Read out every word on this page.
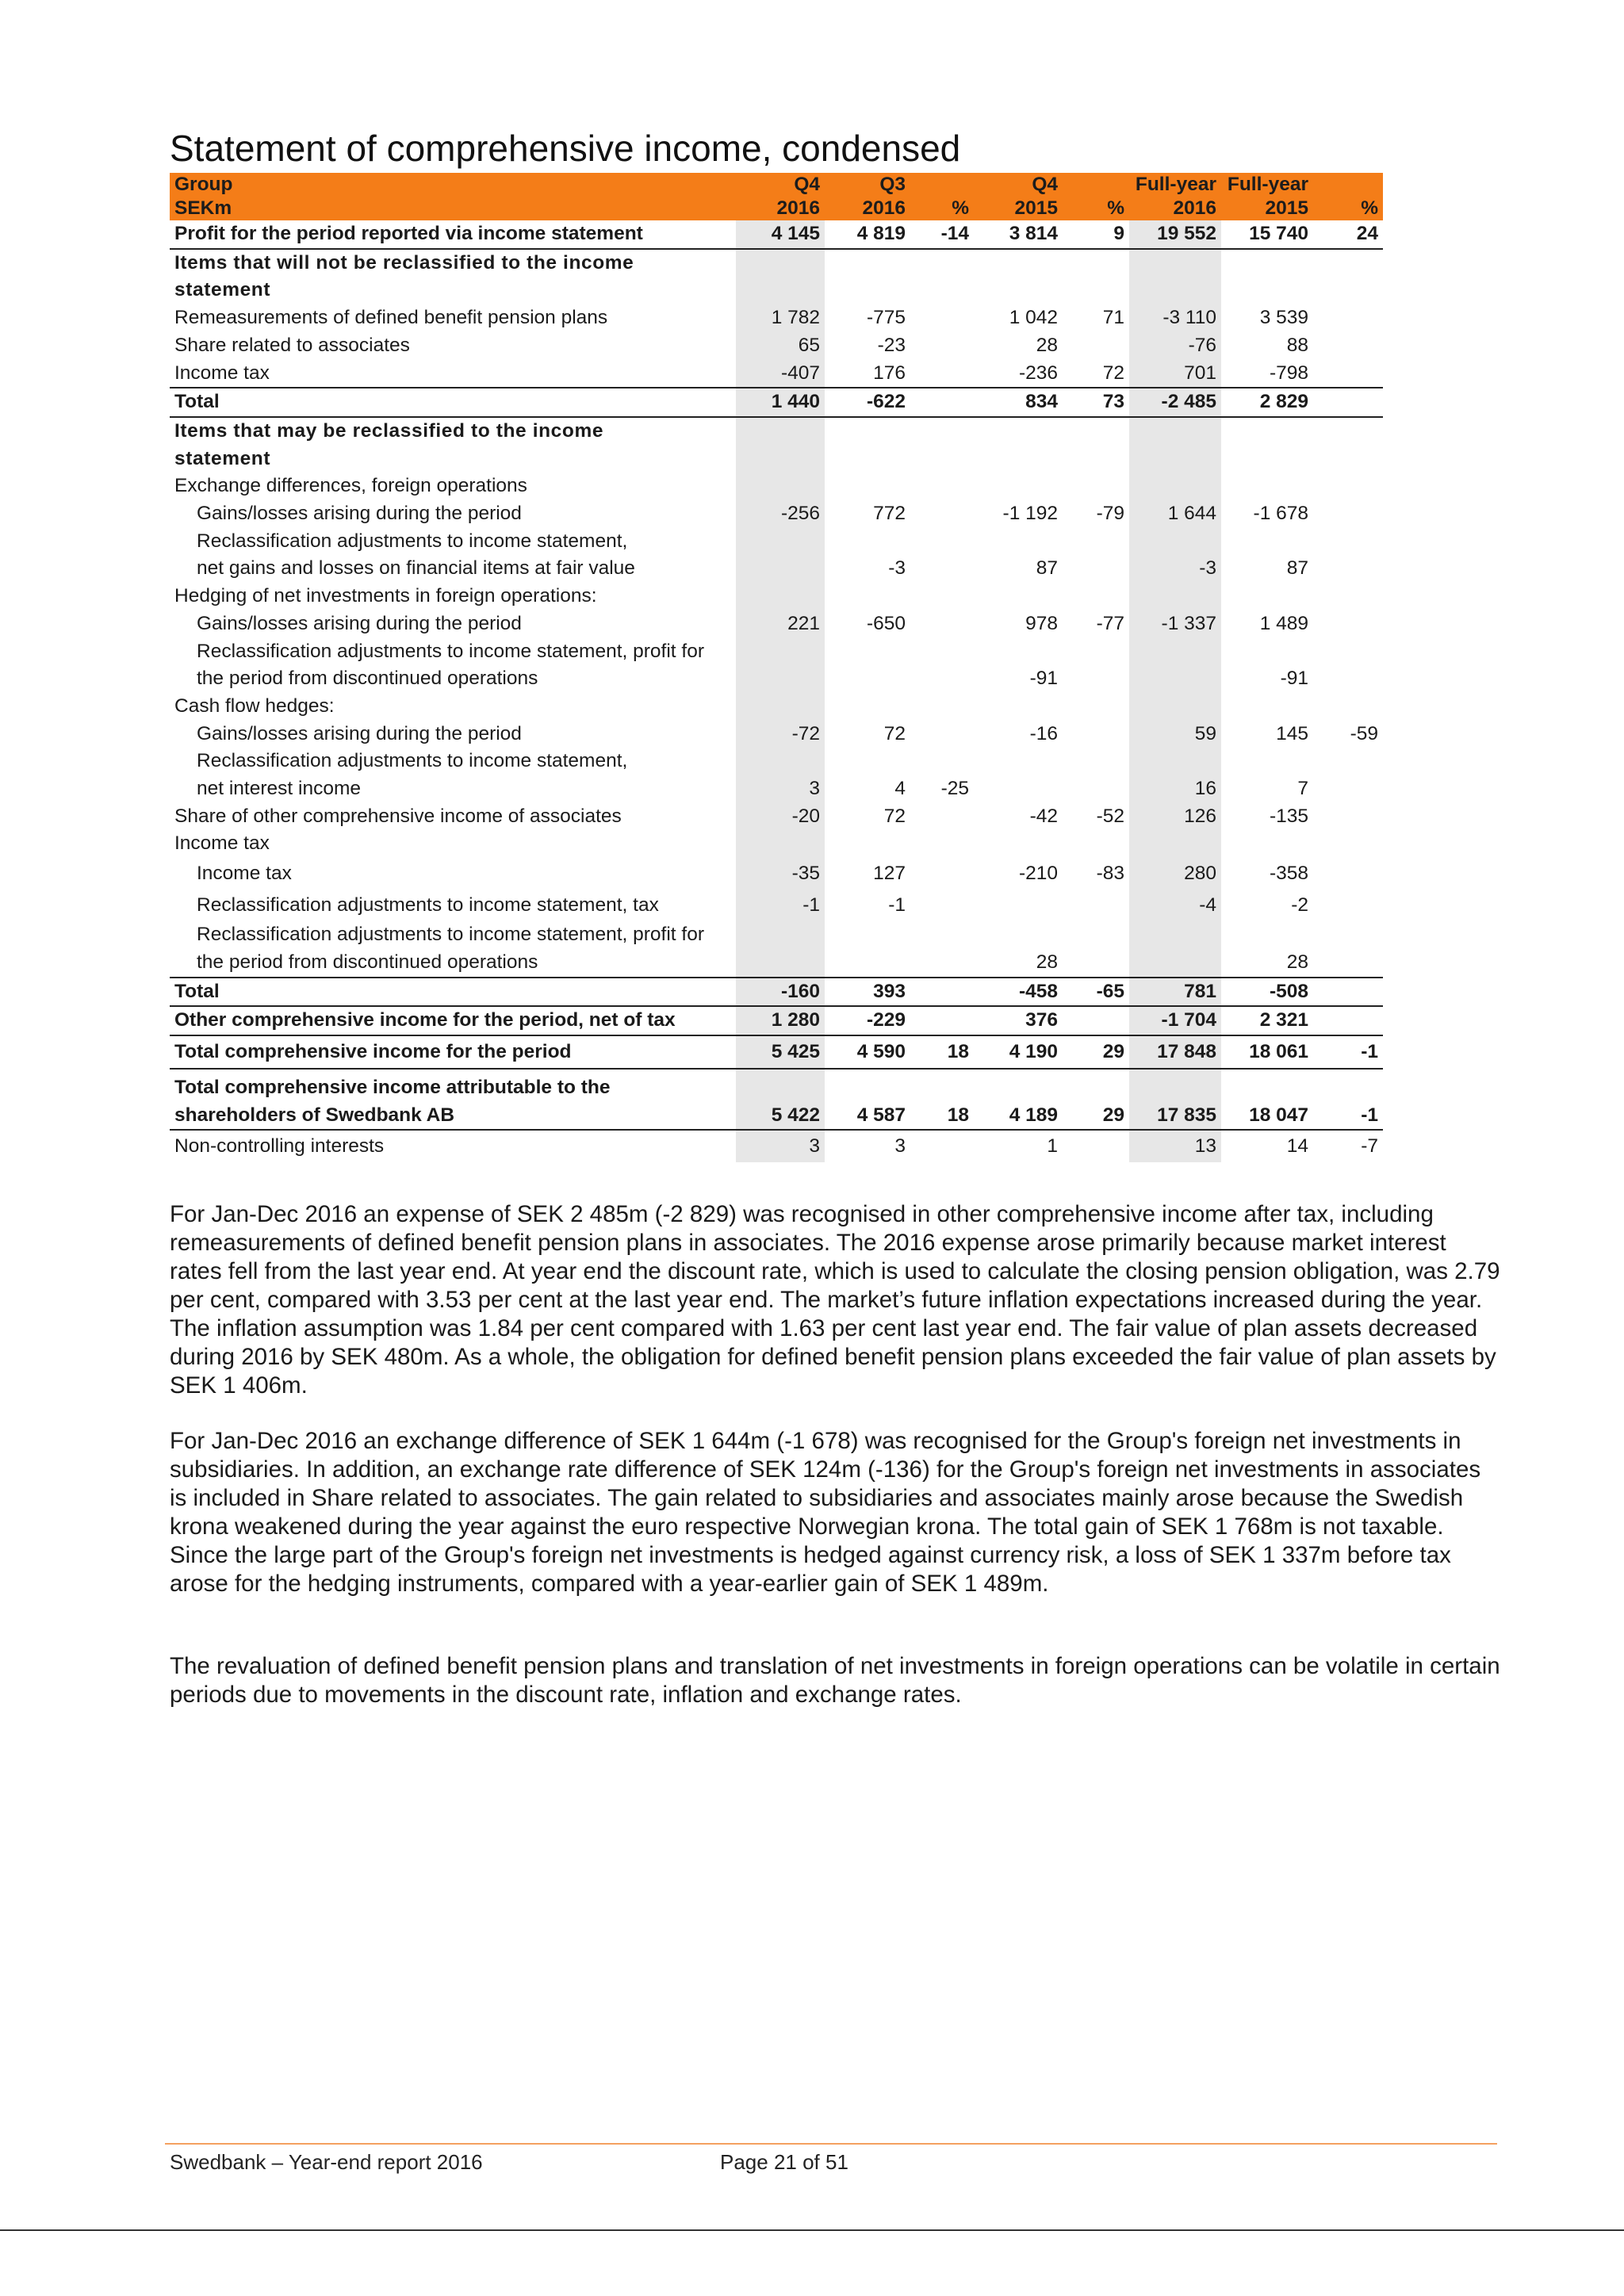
Statement of comprehensive income, condensed
Group	Q4	Q3		Q4		Full-year	Full-year	
SEKm	2016	2016	%	2015	%	2016	2015	%
Profit for the period reported via income statement	4 145	4 819	-14	3 814	9	19 552	15 740	24
Items that will not be reclassified to the income								
statement								
Remeasurements of defined benefit pension plans	1 782	-775		1 042	71	-3 110	3 539	
Share related to associates	65	-23		28		-76	88	
Income tax	-407	176		-236	72	701	-798	
Total	1 440	-622		834	73	-2 485	2 829	
Items that may be reclassified to the income								
statement								
Exchange differences, foreign operations								
Gains/losses arising during the period	-256	772		-1 192	-79	1 644	-1 678	
Reclassification adjustments to income statement,								
net gains and losses on financial items at fair value		-3		87		-3	87	
Hedging of net investments in foreign operations:								
Gains/losses arising during the period	221	-650		978	-77	-1 337	1 489	
Reclassification adjustments to income statement, profit for								
the period from discontinued operations				-91			-91	
Cash flow hedges:								
Gains/losses arising during the period	-72	72		-16		59	145	-59
Reclassification adjustments to income statement,								
net interest income	3	4	-25			16	7	
Share of other comprehensive income of associates	-20	72		-42	-52	126	-135	
Income tax								
Income tax	-35	127		-210	-83	280	-358	
Reclassification adjustments to income statement, tax	-1	-1				-4	-2	
Reclassification adjustments to income statement, profit for								
the period from discontinued operations				28			28	
Total	-160	393		-458	-65	781	-508	
Other comprehensive income for the period, net of tax	1 280	-229		376		-1 704	2 321	
Total comprehensive income for the period	5 425	4 590	18	4 190	29	17 848	18 061	-1
Total comprehensive income attributable to the								
shareholders of Swedbank AB	5 422	4 587	18	4 189	29	17 835	18 047	-1
Non-controlling interests	3	3		1		13	14	-7
For Jan-Dec 2016 an expense of SEK 2 485m (-2 829) was recognised in other comprehensive income after tax, including remeasurements of defined benefit pension plans in associates. The 2016 expense arose primarily because market interest rates fell from the last year end. At year end the discount rate, which is used to calculate the closing pension obligation, was 2.79 per cent, compared with 3.53 per cent at the last year end. The market’s future inflation expectations increased during the year. The inflation assumption was 1.84 per cent compared with 1.63 per cent last year end. The fair value of plan assets decreased during 2016 by SEK 480m. As a whole, the obligation for defined benefit pension plans exceeded the fair value of plan assets by SEK 1 406m.
For Jan-Dec 2016 an exchange difference of SEK 1 644m (-1 678) was recognised for the Group's foreign net investments in subsidiaries. In addition, an exchange rate difference of SEK 124m (-136) for the Group's foreign net investments in associates is included in Share related to associates. The gain related to subsidiaries and associates mainly arose because the Swedish krona weakened during the year against the euro respective Norwegian krona. The total gain of SEK 1 768m is not taxable. Since the large part of the Group's foreign net investments is hedged against currency risk, a loss of SEK 1 337m before tax arose for the hedging instruments, compared with a year-earlier gain of SEK 1 489m.
The revaluation of defined benefit pension plans and translation of net investments in foreign operations can be volatile in certain periods due to movements in the discount rate, inflation and exchange rates.
Swedbank – Year-end report 2016	Page 21 of 51
